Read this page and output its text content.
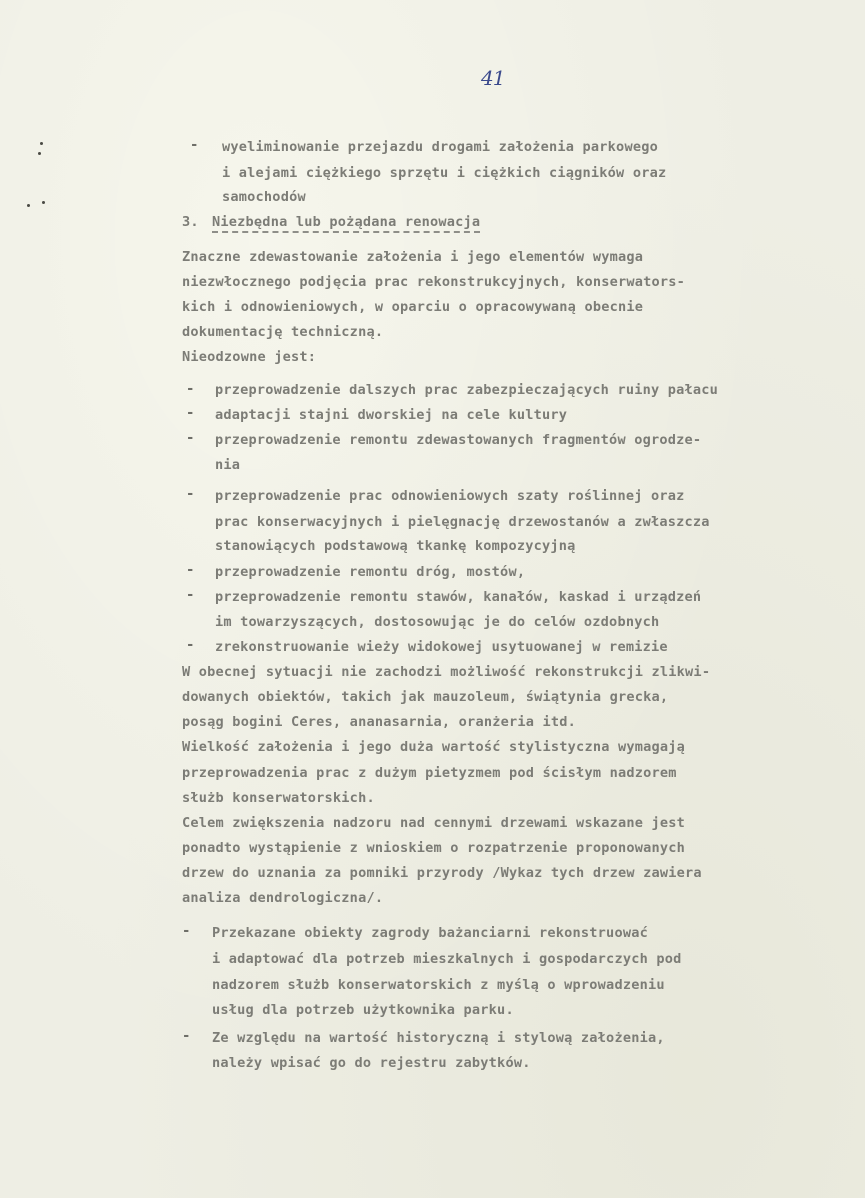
41
- wyeliminowanie przejazdu drogami założenia parkowego
i alejami ciężkiego sprzętu i ciężkich ciągników oraz
samochodów
3. Niezbędna lub pożądana renowacja
Znaczne zdewastowanie założenia i jego elementów wymaga
niezwłocznego podjęcia prac rekonstrukcyjnych, konserwators-
kich i odnowieniowych, w oparciu o opracowywaną obecnie
dokumentację techniczną.
Nieodzowne jest:
- przeprowadzenie dalszych prac zabezpieczających ruiny pałacu
- adaptacji stajni dworskiej na cele kultury
- przeprowadzenie remontu zdewastowanych fragmentów ogrodze-
nia
- przeprowadzenie prac odnowieniowych szaty roślinnej oraz
prac konserwacyjnych i pielęgnację drzewostanów a zwłaszcza
stanowiących podstawową tkankę kompozycyjną
- przeprowadzenie remontu dróg, mostów,
- przeprowadzenie remontu stawów, kanałów, kaskad i urządzeń
im towarzyszących, dostosowując je do celów ozdobnych
- zrekonstruowanie wieży widokowej usytuowanej w remizie
W obecnej sytuacji nie zachodzi możliwość rekonstrukcji zlikwi-
dowanych obiektów, takich jak mauzoleum, świątynia grecka,
posąg bogini Ceres, ananasarnia, oranżeria itd.
Wielkość założenia i jego duża wartość stylistyczna wymagają
przeprowadzenia prac z dużym pietyzmem pod ścisłym nadzorem
służb konserwatorskich.
Celem zwiększenia nadzoru nad cennymi drzewami wskazane jest
ponadto wystąpienie z wnioskiem o rozpatrzenie proponowanych
drzew do uznania za pomniki przyrody /Wykaz tych drzew zawiera
analiza dendrologiczna/.
- Przekazane obiekty zagrody bażanciarni rekonstruować
i adaptować dla potrzeb mieszkalnych i gospodarczych pod
nadzorem służb konserwatorskich z myślą o wprowadzeniu
usług dla potrzeb użytkownika parku.
- Ze względu na wartość historyczną i stylową założenia,
należy wpisać go do rejestru zabytków.
